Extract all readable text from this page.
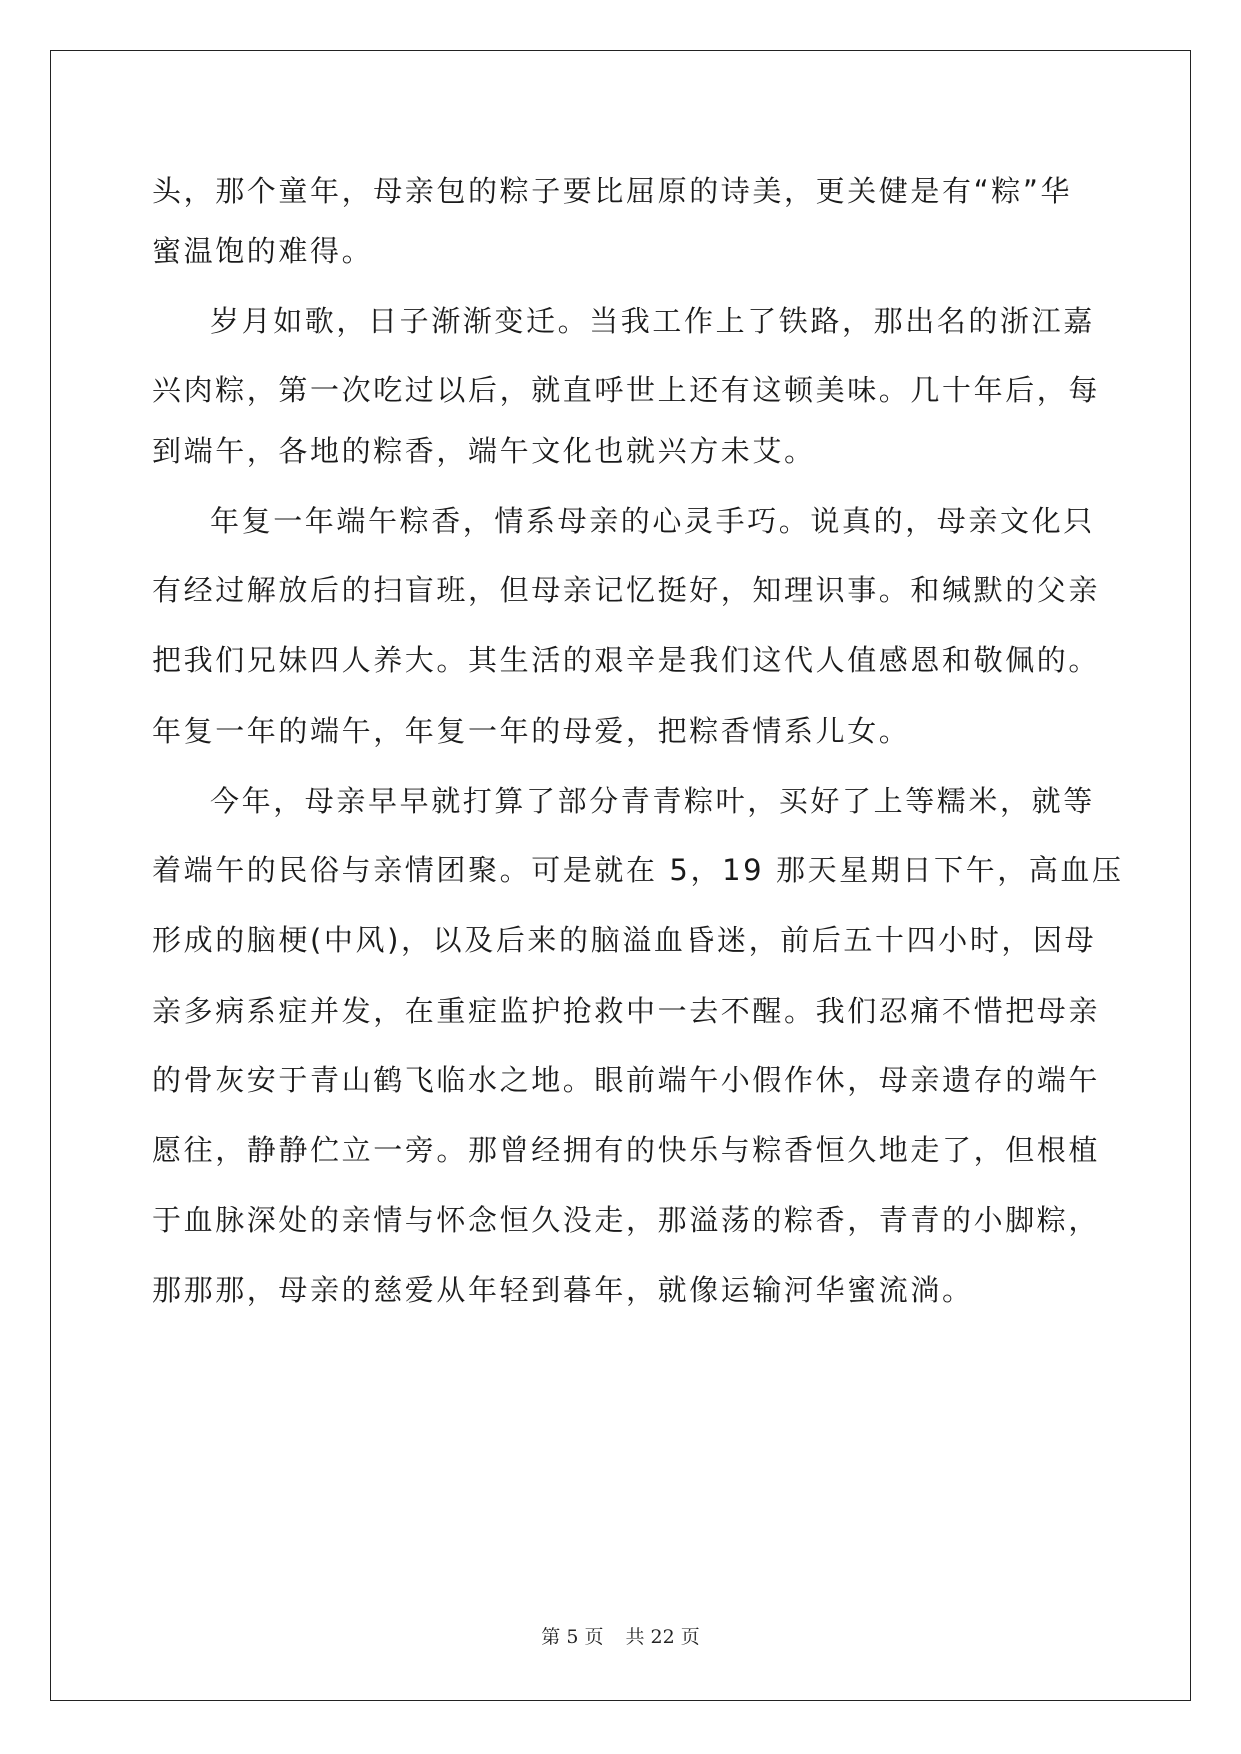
头，那个童年，母亲包的粽子要比屈原的诗美，更关健是有“粽”华
蜜温饱的难得。
岁月如歌，日子渐渐变迁。当我工作上了铁路，那出名的浙江嘉
兴肉粽，第一次吃过以后，就直呼世上还有这顿美味。几十年后，每
到端午，各地的粽香，端午文化也就兴方未艾。
年复一年端午粽香，情系母亲的心灵手巧。说真的，母亲文化只
有经过解放后的扫盲班，但母亲记忆挺好，知理识事。和缄默的父亲
把我们兄妹四人养大。其生活的艰辛是我们这代人值感恩和敬佩的。
年复一年的端午，年复一年的母爱，把粽香情系儿女。
今年，母亲早早就打算了部分青青粽叶，买好了上等糯米，就等
着端午的民俗与亲情团聚。可是就在 5，19 那天星期日下午，高血压
形成的脑梗(中风)，以及后来的脑溢血昏迷，前后五十四小时，因母
亲多病系症并发，在重症监护抢救中一去不醒。我们忍痛不惜把母亲
的骨灰安于青山鹤飞临水之地。眼前端午小假作休，母亲遗存的端午
愿往，静静伫立一旁。那曾经拥有的快乐与粽香恒久地走了，但根植
于血脉深处的亲情与怀念恒久没走，那溢荡的粽香，青青的小脚粽，
那那那，母亲的慈爱从年轻到暮年，就像运输河华蜜流淌。
第 5 页 共 22 页
